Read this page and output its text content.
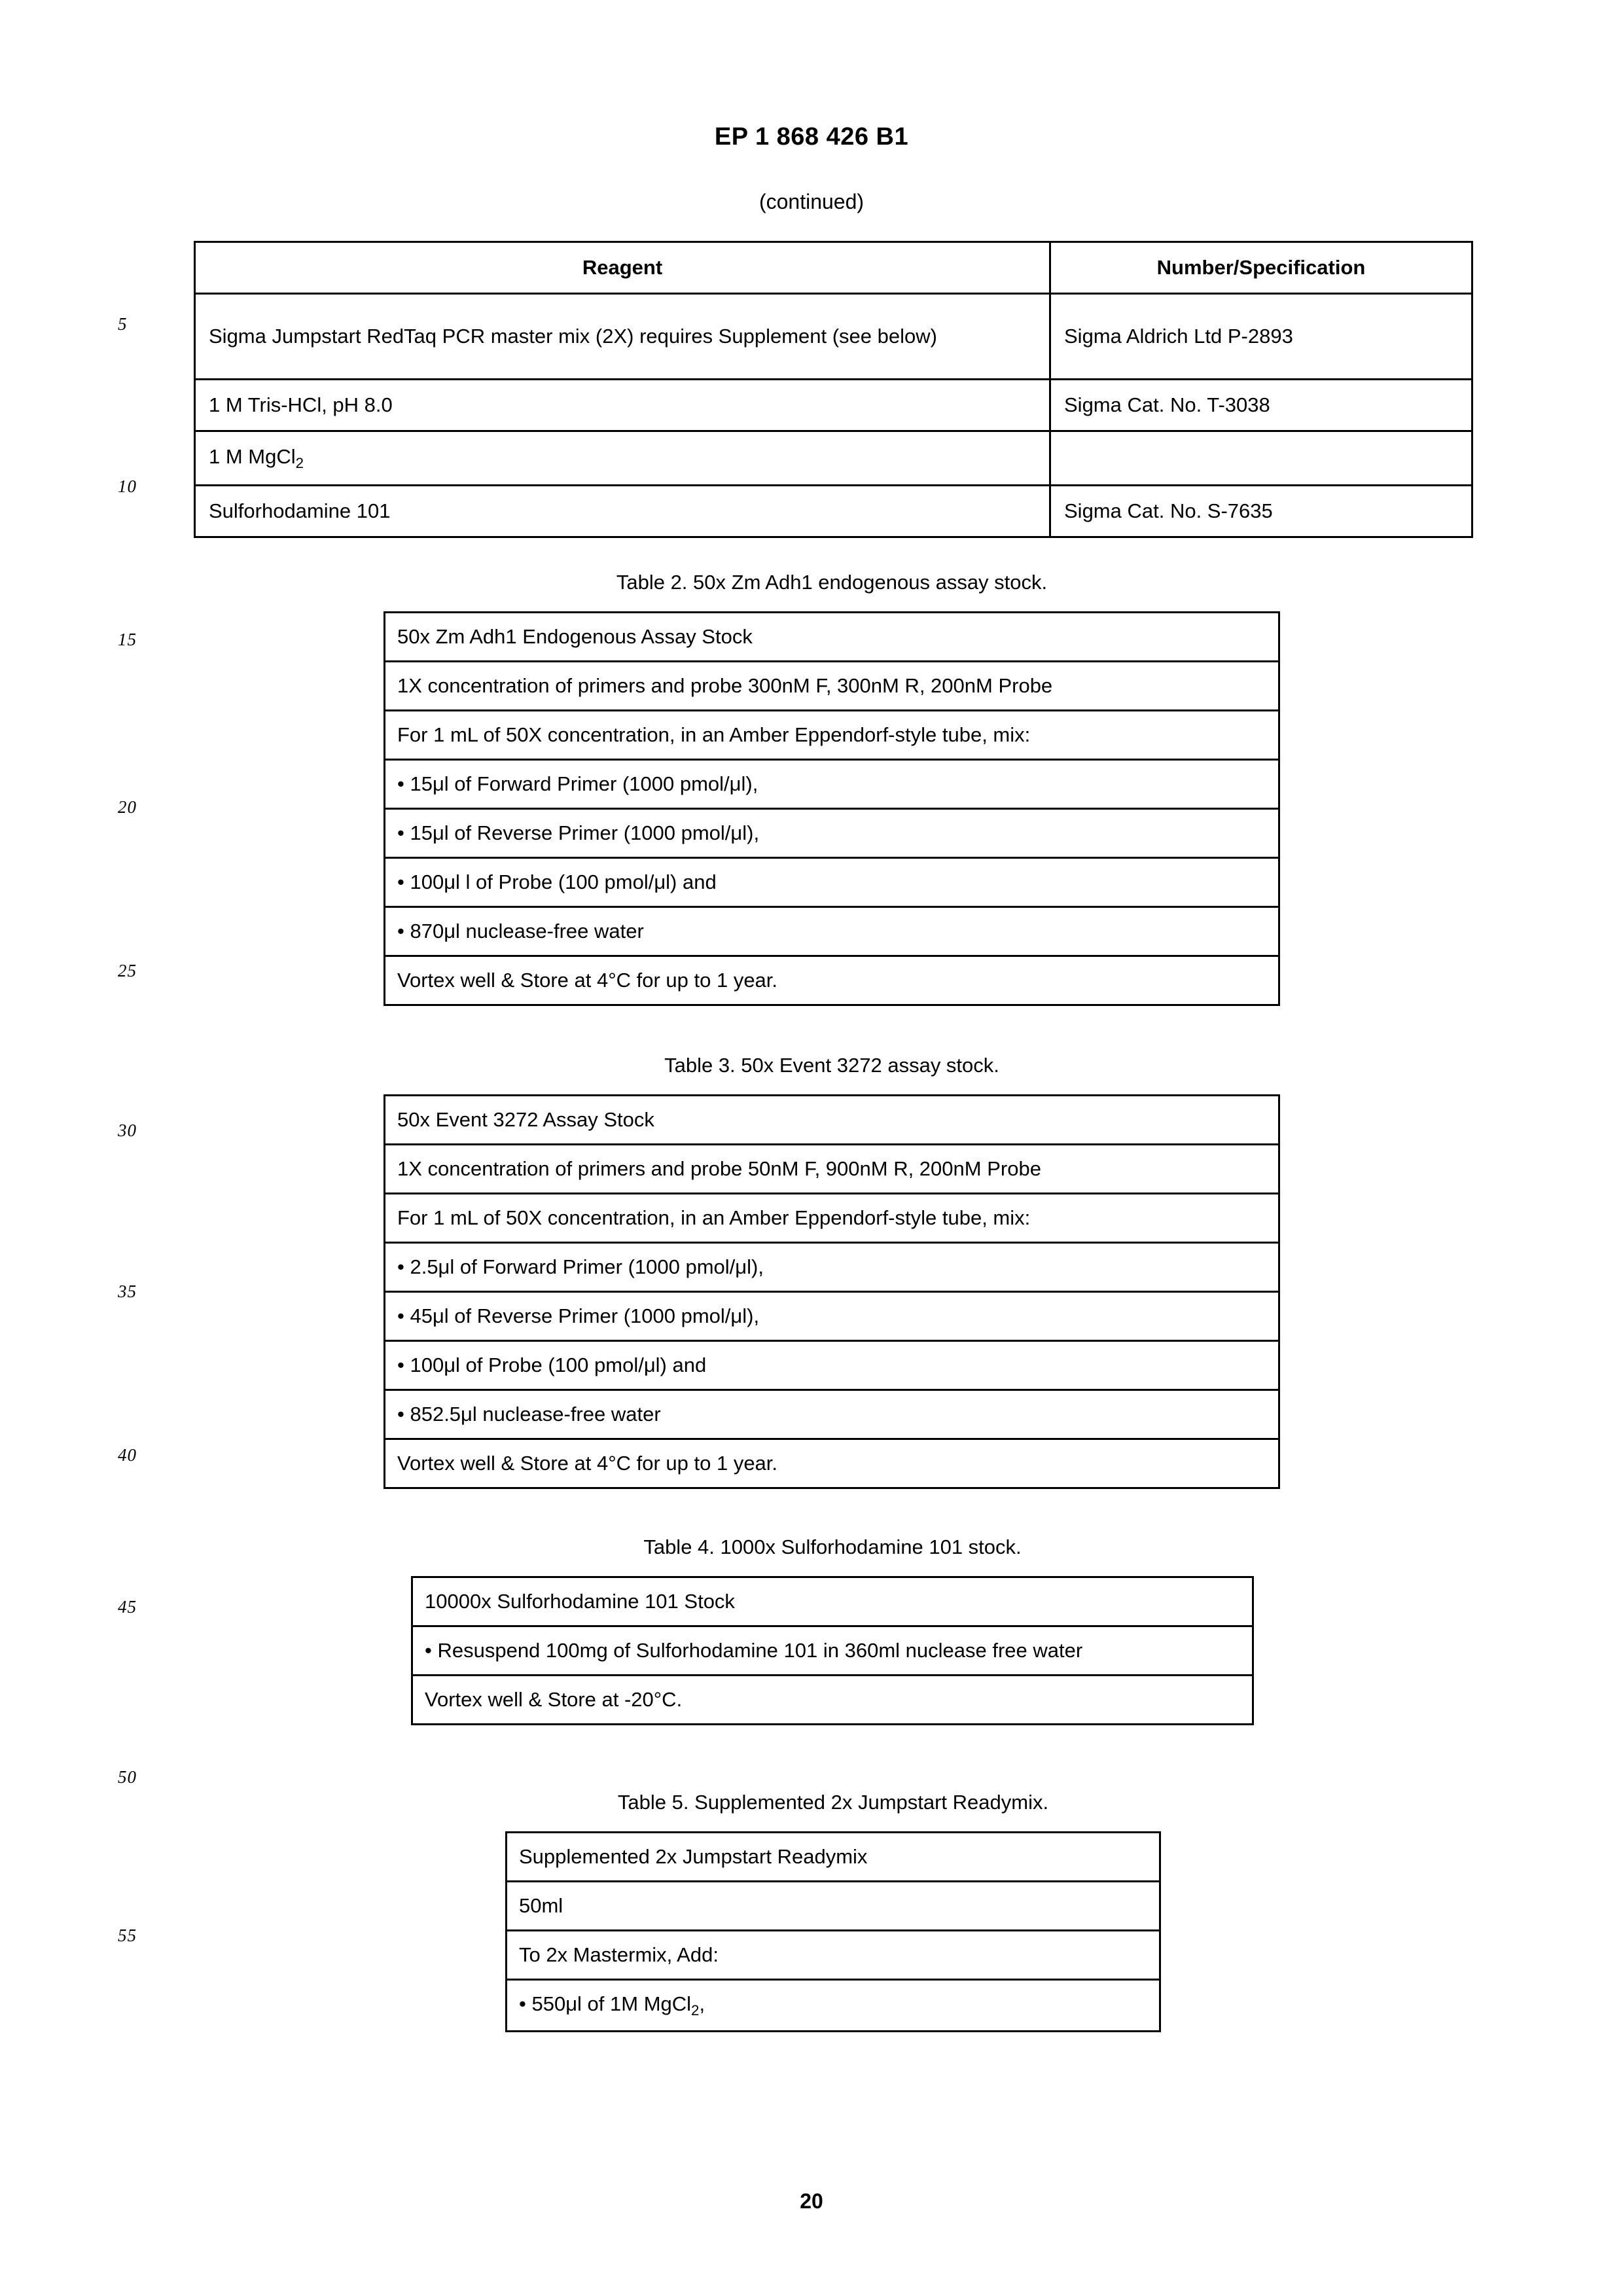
EP 1 868 426 B1
(continued)
5
10
15
20
25
30
35
40
45
50
55
Reagent	Number/Specification
Sigma Jumpstart RedTaq PCR master mix (2X) requires Supplement (see below)	Sigma Aldrich Ltd P-2893
1 M Tris-HCl, pH 8.0	Sigma Cat. No. T-3038
1 M MgCl$_2$	
Sulforhodamine 101	Sigma Cat. No. S-7635
Table 2. 50x Zm Adh1 endogenous assay stock.
50x Zm Adh1 Endogenous Assay Stock
1X concentration of primers and probe 300nM F, 300nM R, 200nM Probe
For 1 mL of 50X concentration, in an Amber Eppendorf-style tube, mix:
• 15μl of Forward Primer (1000 pmol/μl),
• 15μl of Reverse Primer (1000 pmol/μl),
• 100μl l of Probe (100 pmol/μl) and
• 870μl nuclease-free water
Vortex well & Store at 4°C for up to 1 year.
Table 3. 50x Event 3272 assay stock.
50x Event 3272 Assay Stock
1X concentration of primers and probe 50nM F, 900nM R, 200nM Probe
For 1 mL of 50X concentration, in an Amber Eppendorf-style tube, mix:
• 2.5μl of Forward Primer (1000 pmol/μl),
• 45μl of Reverse Primer (1000 pmol/μl),
• 100μl of Probe (100 pmol/μl) and
• 852.5μl nuclease-free water
Vortex well & Store at 4°C for up to 1 year.
Table 4. 1000x Sulforhodamine 101 stock.
10000x Sulforhodamine 101 Stock
• Resuspend 100mg of Sulforhodamine 101 in 360ml nuclease free water
Vortex well & Store at -20°C.
Table 5. Supplemented 2x Jumpstart Readymix.
Supplemented 2x Jumpstart Readymix
50ml
To 2x Mastermix, Add:
• 550μl of 1M MgCl$_2$,
20
